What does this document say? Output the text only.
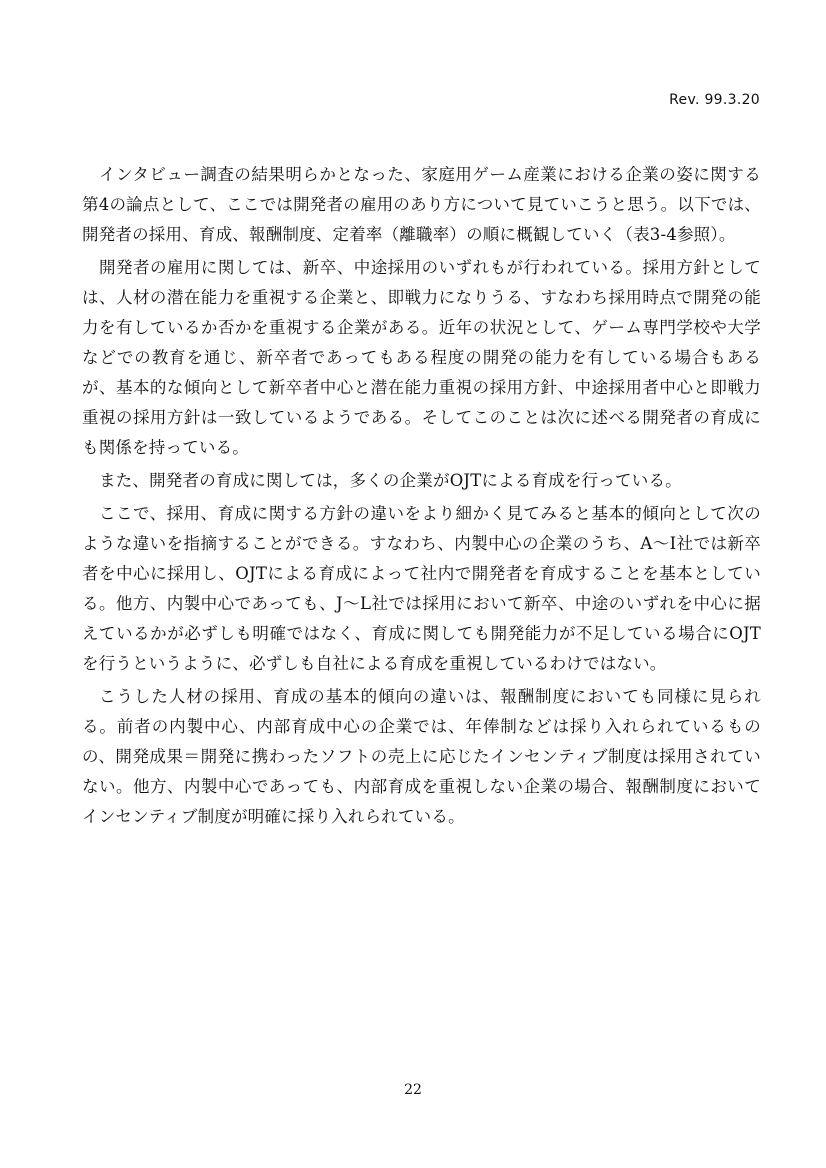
Rev. 99.3.20

インタビュー調査の結果明らかとなった、家庭用ゲーム産業における企業の姿に関する第4の論点として、ここでは開発者の雇用のあり方について見ていこうと思う。以下では、開発者の採用、育成、報酬制度、定着率（離職率）の順に概観していく（表3-4参照）。

開発者の雇用に関しては、新卒、中途採用のいずれもが行われている。採用方針としては、人材の潜在能力を重視する企業と、即戦力になりうる、すなわち採用時点で開発の能力を有しているか否かを重視する企業がある。近年の状況として、ゲーム専門学校や大学などでの教育を通じ、新卒者であってもある程度の開発の能力を有している場合もあるが、基本的な傾向として新卒者中心と潜在能力重視の採用方針、中途採用者中心と即戦力重視の採用方針は一致しているようである。そしてこのことは次に述べる開発者の育成にも関係を持っている。

また、開発者の育成に関しては，多くの企業がOJTによる育成を行っている。

ここで、採用、育成に関する方針の違いをより細かく見てみると基本的傾向として次のような違いを指摘することができる。すなわち、内製中心の企業のうち、A～I社では新卒者を中心に採用し、OJTによる育成によって社内で開発者を育成することを基本としている。他方、内製中心であっても、J～L社では採用において新卒、中途のいずれを中心に据えているかが必ずしも明確ではなく、育成に関しても開発能力が不足している場合にOJTを行うというように、必ずしも自社による育成を重視しているわけではない。

こうした人材の採用、育成の基本的傾向の違いは、報酬制度においても同様に見られる。前者の内製中心、内部育成中心の企業では、年俸制などは採り入れられているものの、開発成果＝開発に携わったソフトの売上に応じたインセンティブ制度は採用されていない。他方、内製中心であっても、内部育成を重視しない企業の場合、報酬制度においてインセンティブ制度が明確に採り入れられている。

22
